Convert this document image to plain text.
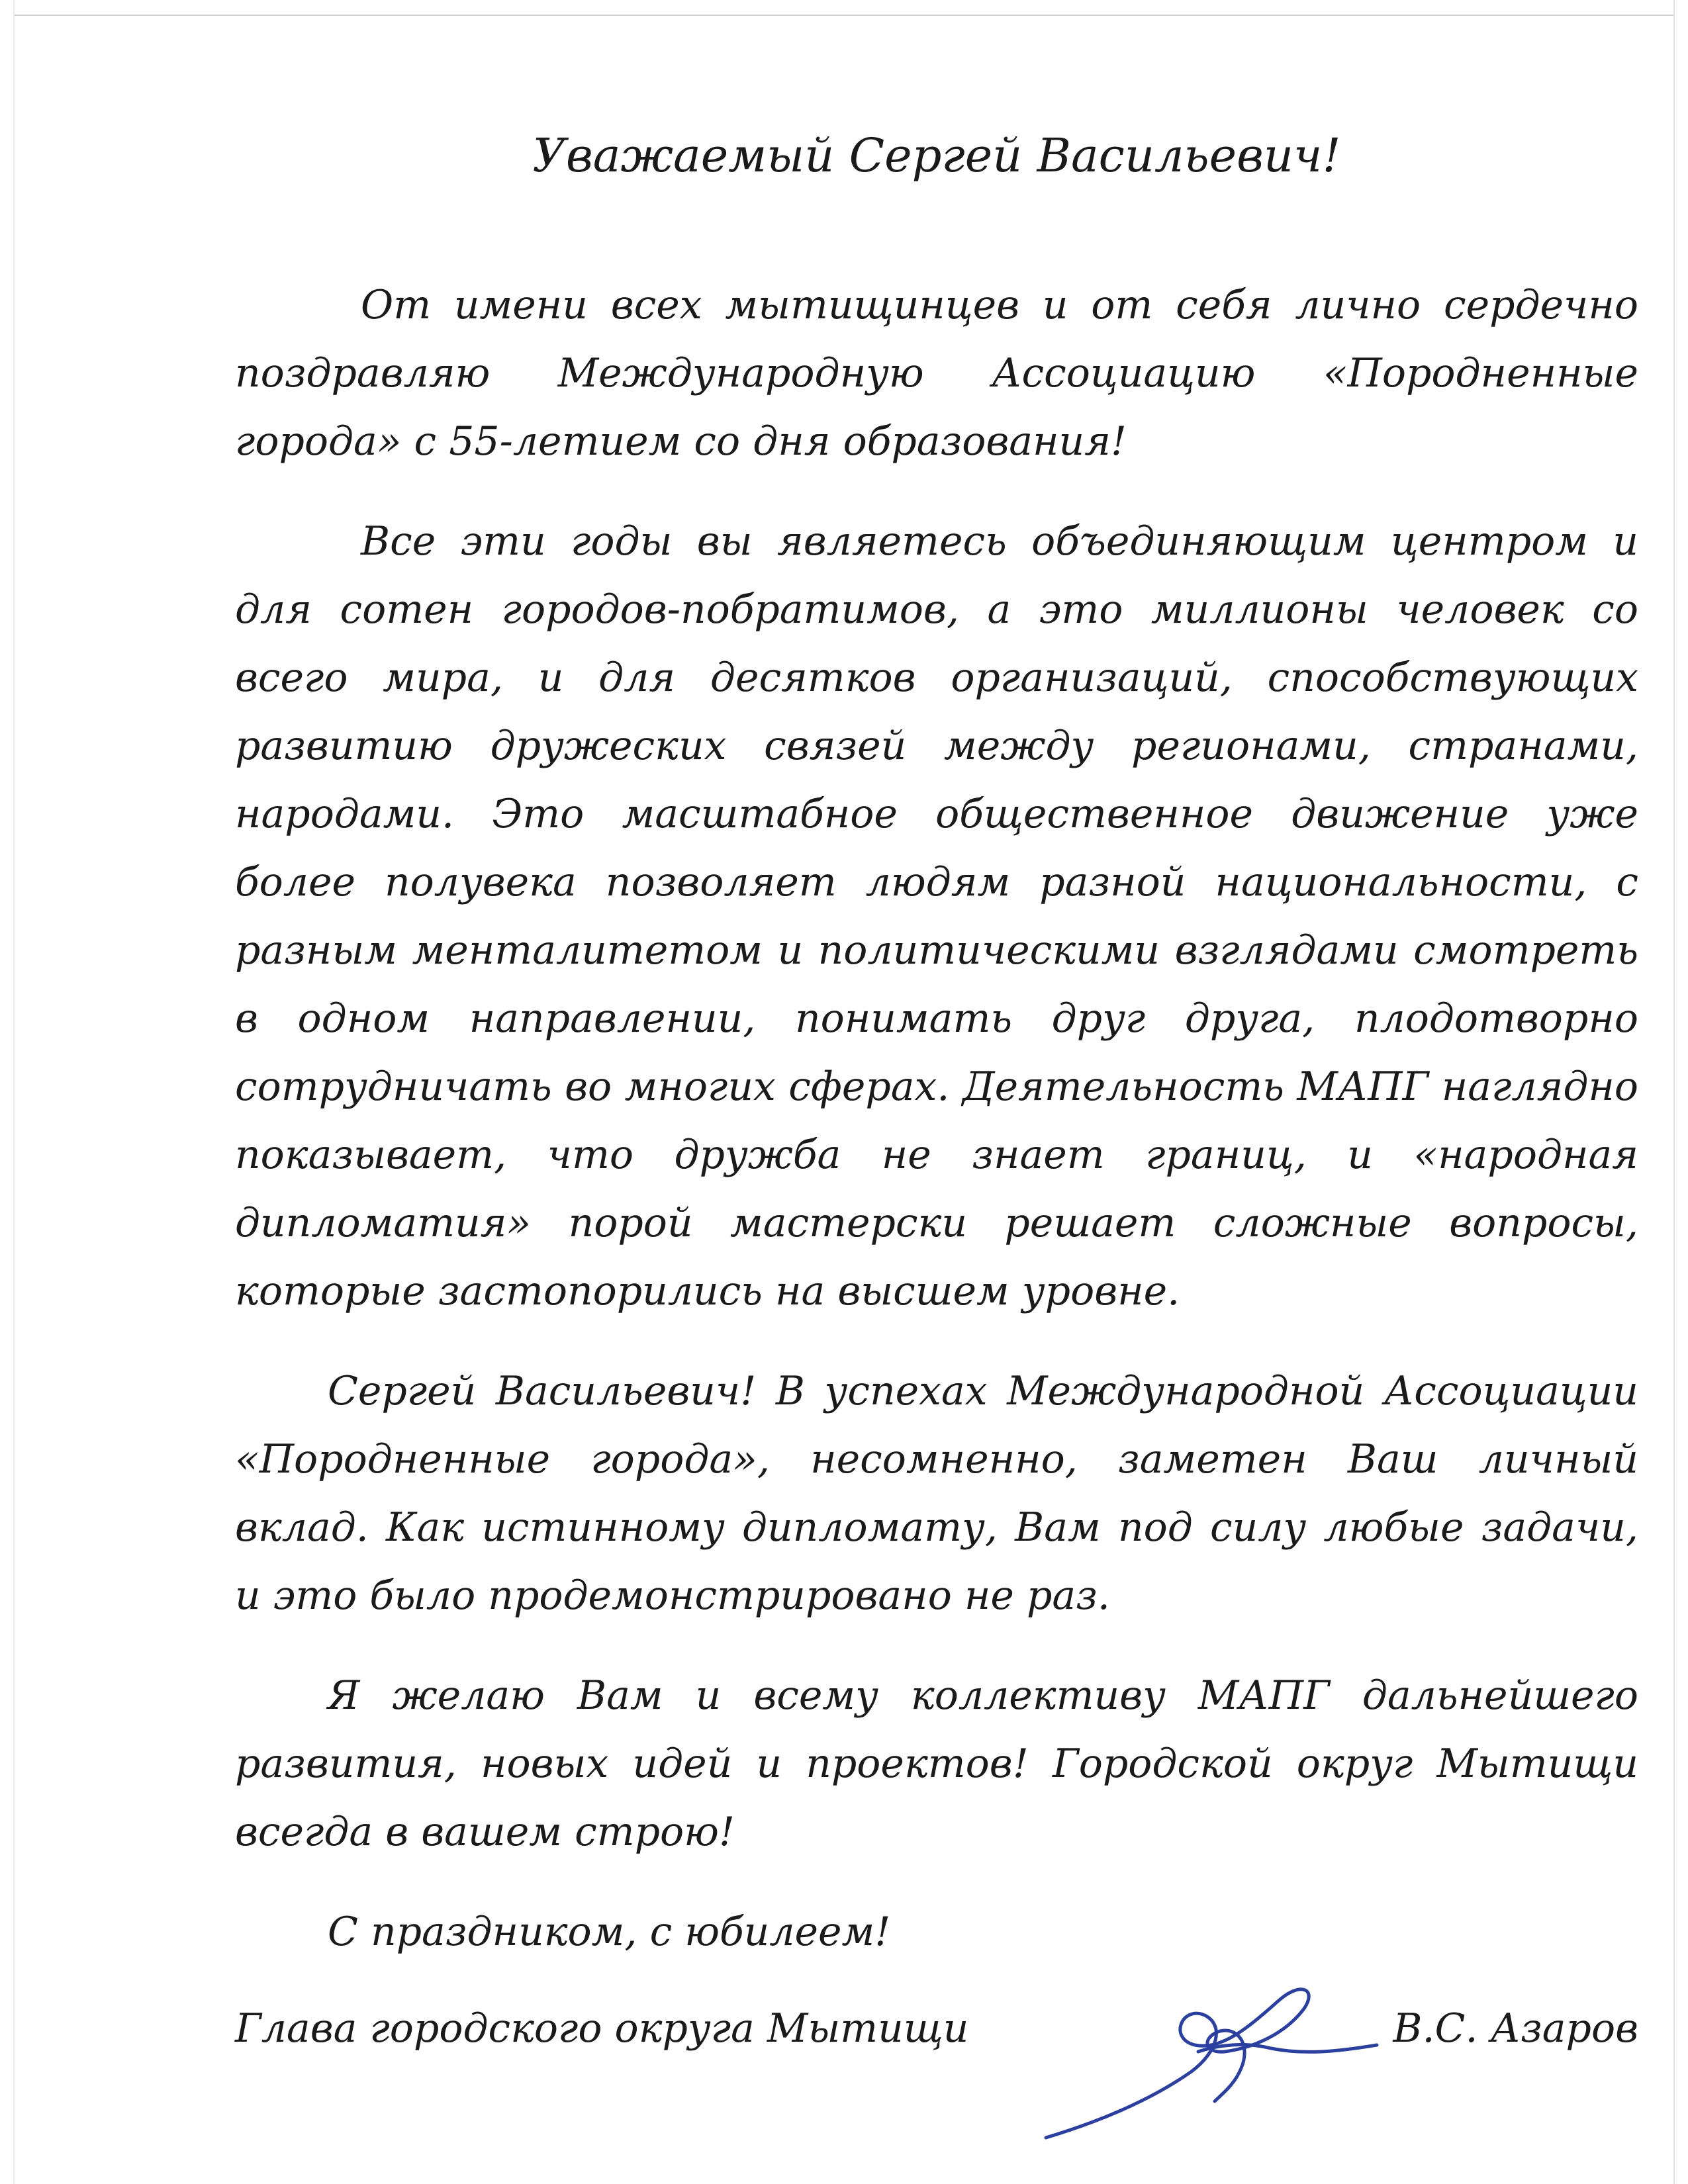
Уважаемый Сергей Васильевич!

От имени всех мытищинцев и от себя лично сердечно поздравляю Международную Ассоциацию «Породненные города» с 55-летием со дня образования!

Все эти годы вы являетесь объединяющим центром и для сотен городов-побратимов, а это миллионы человек со всего мира, и для десятков организаций, способствующих развитию дружеских связей между регионами, странами, народами. Это масштабное общественное движение уже более полувека позволяет людям разной национальности, с разным менталитетом и политическими взглядами смотреть в одном направлении, понимать друг друга, плодотворно сотрудничать во многих сферах. Деятельность МАПГ наглядно показывает, что дружба не знает границ, и «народная дипломатия» порой мастерски решает сложные вопросы, которые застопорились на высшем уровне.

Сергей Васильевич! В успехах Международной Ассоциации «Породненные города», несомненно, заметен Ваш личный вклад. Как истинному дипломату, Вам под силу любые задачи, и это было продемонстрировано не раз.

Я желаю Вам и всему коллективу МАПГ дальнейшего развития, новых идей и проектов! Городской округ Мытищи всегда в вашем строю!

С праздником, с юбилеем!

Глава городского округа Мытищи	В.С. Азаров
